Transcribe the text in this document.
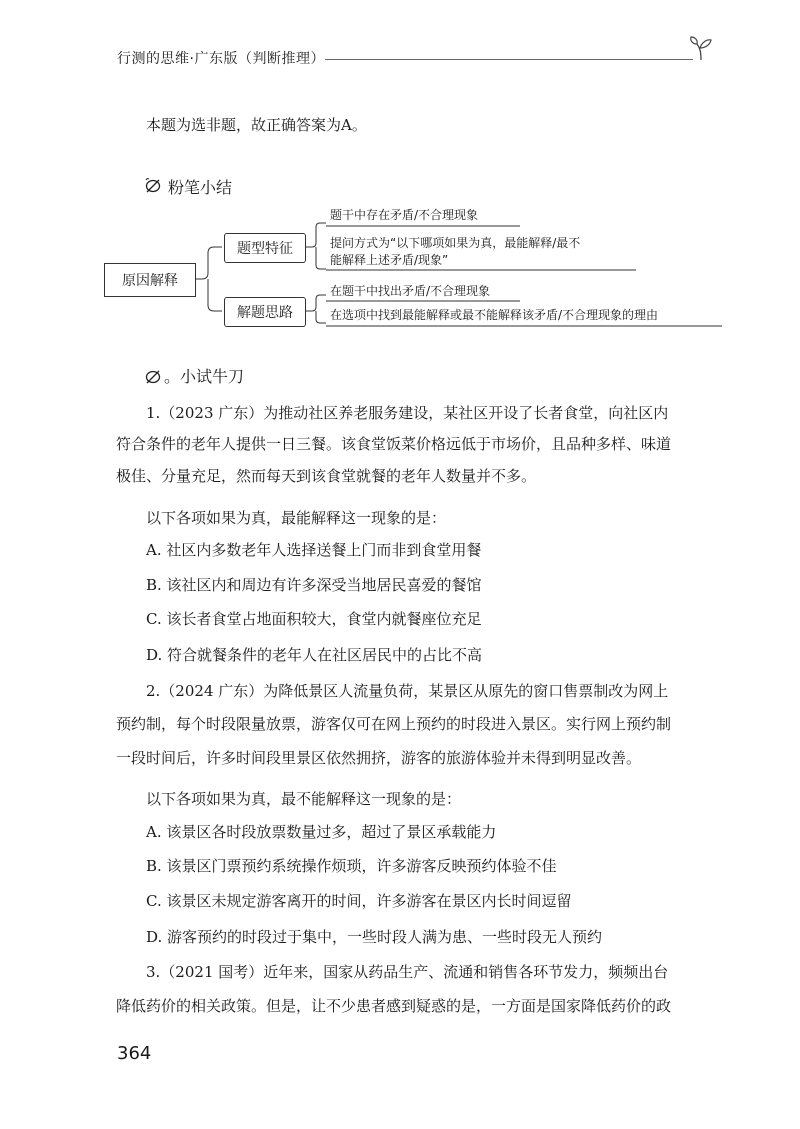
行测的思维·广东版（判断推理）
本题为选非题，故正确答案为A。
粉笔小结
原因解释
题型特征
解题思路
题干中存在矛盾/不合理现象
提问方式为“以下哪项如果为真，最能解释/最不
能解释上述矛盾/现象”
在题干中找出矛盾/不合理现象
在选项中找到最能解释或最不能解释该矛盾/不合理现象的理由
。小试牛刀
1.（2023 广东）为推动社区养老服务建设，某社区开设了长者食堂，向社区内
符合条件的老年人提供一日三餐。该食堂饭菜价格远低于市场价，且品种多样、味道
极佳、分量充足，然而每天到该食堂就餐的老年人数量并不多。
以下各项如果为真，最能解释这一现象的是：
A. 社区内多数老年人选择送餐上门而非到食堂用餐
B. 该社区内和周边有许多深受当地居民喜爱的餐馆
C. 该长者食堂占地面积较大，食堂内就餐座位充足
D. 符合就餐条件的老年人在社区居民中的占比不高
2.（2024 广东）为降低景区人流量负荷，某景区从原先的窗口售票制改为网上
预约制，每个时段限量放票，游客仅可在网上预约的时段进入景区。实行网上预约制
一段时间后，许多时间段里景区依然拥挤，游客的旅游体验并未得到明显改善。
以下各项如果为真，最不能解释这一现象的是：
A. 该景区各时段放票数量过多，超过了景区承载能力
B. 该景区门票预约系统操作烦琐，许多游客反映预约体验不佳
C. 该景区未规定游客离开的时间，许多游客在景区内长时间逗留
D. 游客预约的时段过于集中，一些时段人满为患、一些时段无人预约
3.（2021 国考）近年来，国家从药品生产、流通和销售各环节发力，频频出台
降低药价的相关政策。但是，让不少患者感到疑惑的是，一方面是国家降低药价的政
364
